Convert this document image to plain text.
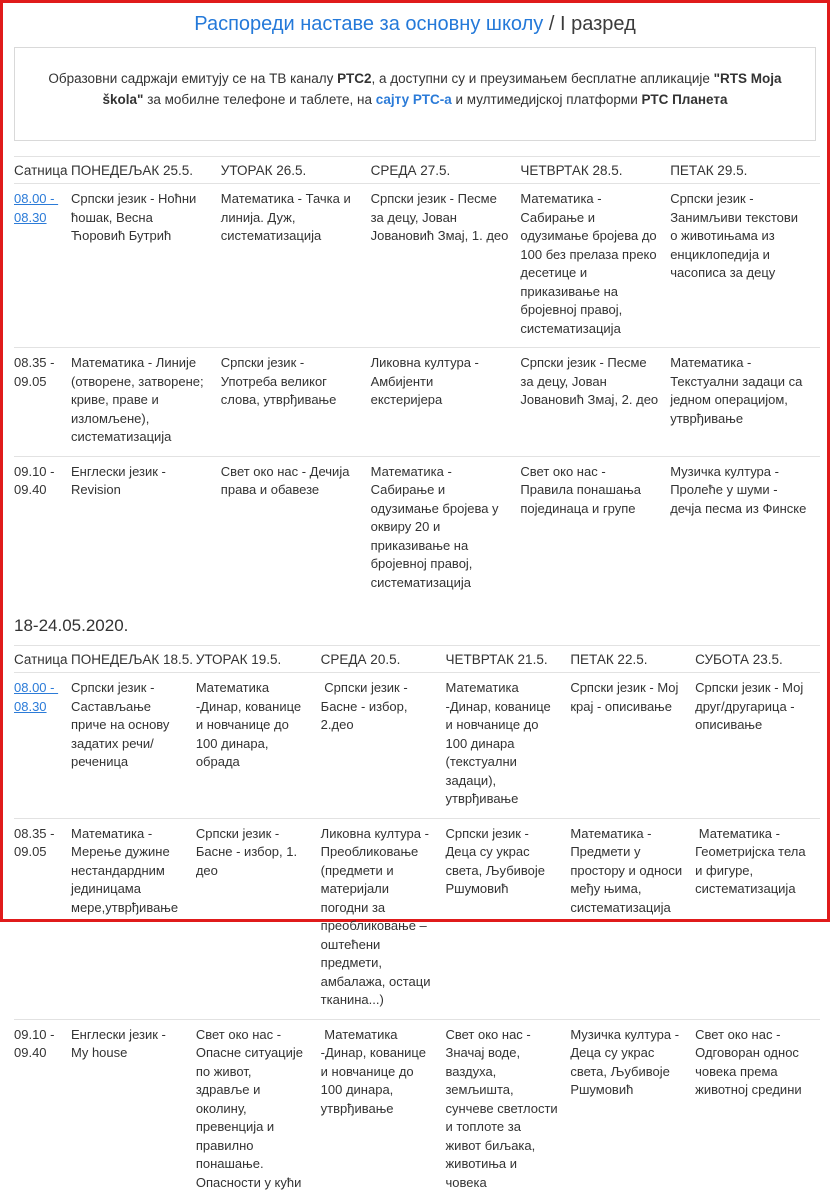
Распореди наставе за основну школу / I разред
Образовни садржаји емитују се на ТВ каналу РТС2, а доступни су и преузимањем бесплатне апликације "RTS Moja škola" за мобилне телефоне и таблете, на сајту РТС-а и мултимедијској платформи РТС Планета
Сатница	ПОНЕДЕЉАК 25.5.	УТОРАК 26.5.	СРЕДА 27.5.	ЧЕТВРТАК 28.5.	ПЕТАК 29.5.
08.00 - 08.30	Српски језик - Ноћни ћошак, Весна Ћоровић Бутрић	Математика - Тачка и линија. Дуж, систематизација	Српски језик - Песме за децу, Јован Јовановић Змај, 1. део	Математика - Сабирање и одузимање бројева до 100 без прелаза преко десетице и приказивање на бројевној правој, систематизација	Српски језик - Занимљиви текстови о животињама из енциклопедија и часописа за децу
08.35 - 09.05	Математика - Линије (отворене, затворене; криве, праве и изломљене), систематизација	Српски језик - Употреба великог слова, утврђивање	Ликовна култура - Амбијенти екстеријера	Српски језик - Песме за децу, Јован Јовановић Змај, 2. део	Математика - Текстуални задаци са једном операцијом, утврђивање
09.10 - 09.40	Енглески језик -  Revision	Свет око нас - Дечија права и обавезе	Математика - Сабирање и одузимање бројева у оквиру 20 и приказивање на бројевној правој, систематизација	Свет око нас - Правила понашања појединаца и групе	Музичка култура - Пролеће у шуми - дечја песма из Финске
18-24.05.2020.
Сатница	ПОНЕДЕЉАК 18.5.	УТОРАК 19.5.	СРЕДА 20.5.	ЧЕТВРТАК 21.5.	ПЕТАК 22.5.	СУБОТА 23.5.
08.00 - 08.30	Српски језик - Састављање приче на основу задатих речи/реченица	Математика -Динар, кованице и новчанице до 100 динара, обрада	Српски језик - Басне - избор, 2.део	Математика -Динар, кованице и новчанице до 100 динара (текстуални задаци), утврђивање	Српски језик - Мој крај - описивање	Српски језик - Мој друг/другарица - описивање
08.35 - 09.05	Математика - Мерење дужине нестандардним јединицама мере,утврђивање	Српски језик - Басне - избор, 1. део	Ликовна култура - Преобликовање (предмети и материјали погодни за преобликовање – оштећени предмети, амбалажа, остаци тканина...)	Српски језик - Деца су украс света, Љубивоје Ршумовић	Математика - Предмети у простору и односи међу њима, систематизација	Математика - Геометријска тела и фигуре, систематизација
09.10 - 09.40	Енглески језик - My house	Свет око нас - Опасне ситуације по живот, здравље и околину, превенција и правилно понашање. Опасности у кући	Математика -Динар, кованице и новчанице до 100 динара, утврђивање	Свет око нас - Значај воде, ваздуха, земљишта, сунчеве светлости и топлоте за живот биљака, животиња и човека	Музичка култура - Деца су украс света, Љубивоје Ршумовић	Свет око нас - Одговоран однос човека према животној средини
